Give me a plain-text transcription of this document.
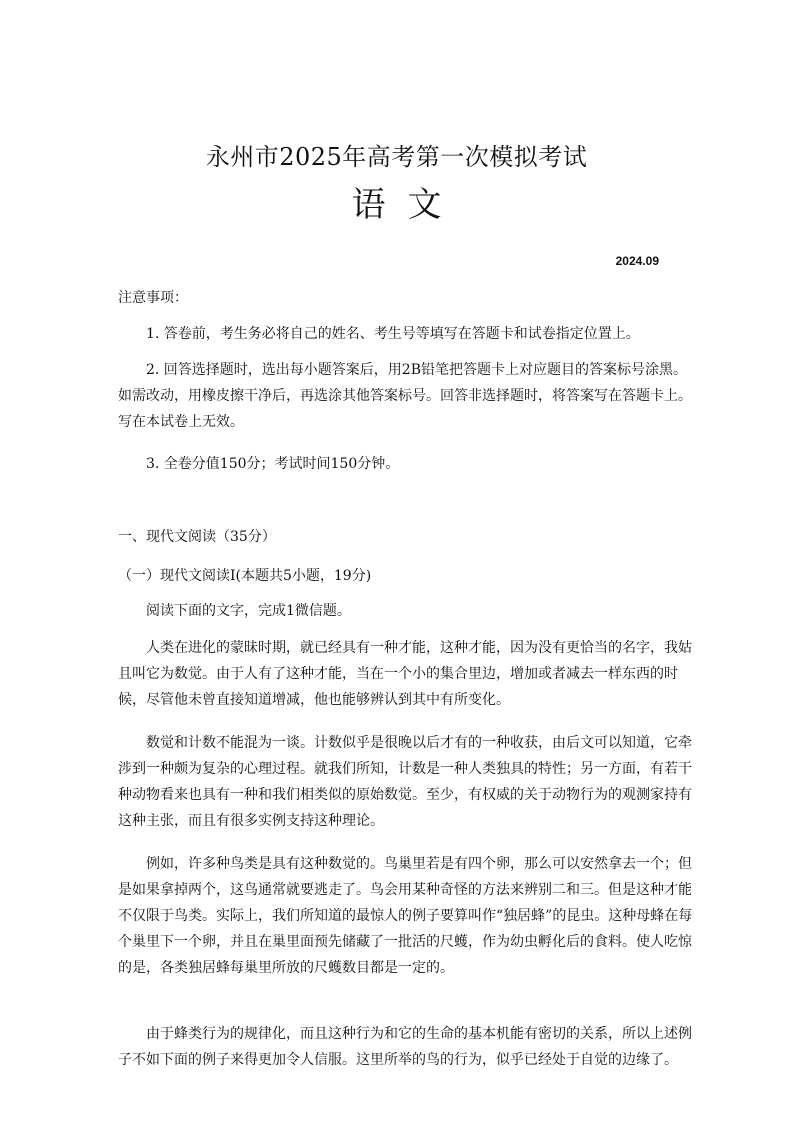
永州市2025年高考第一次模拟考试
语文
2024.09

注意事项：

1. 答卷前，考生务必将自己的姓名、考生号等填写在答题卡和试卷指定位置上。

2. 回答选择题时，选出每小题答案后，用2B铅笔把答题卡上对应题目的答案标号涂黑。如需改动，用橡皮擦干净后，再选涂其他答案标号。回答非选择题时，将答案写在答题卡上。写在本试卷上无效。

3. 全卷分值150分；考试时间150分钟。

一、现代文阅读（35分）

（一）现代文阅读Ⅰ(本题共5小题，19分)

阅读下面的文字，完成1微信题。

人类在进化的蒙昧时期，就已经具有一种才能，这种才能，因为没有更恰当的名字，我姑且叫它为数觉。由于人有了这种才能，当在一个小的集合里边，增加或者减去一样东西的时候，尽管他未曾直接知道增减，他也能够辨认到其中有所变化。

数觉和计数不能混为一谈。计数似乎是很晚以后才有的一种收获，由后文可以知道，它牵涉到一种颇为复杂的心理过程。就我们所知，计数是一种人类独具的特性；另一方面，有若干种动物看来也具有一种和我们相类似的原始数觉。至少，有权威的关于动物行为的观测家持有这种主张，而且有很多实例支持这种理论。

例如，许多种鸟类是具有这种数觉的。鸟巢里若是有四个卵，那么可以安然拿去一个；但是如果拿掉两个，这鸟通常就要逃走了。鸟会用某种奇怪的方法来辨别二和三。但是这种才能不仅限于鸟类。实际上，我们所知道的最惊人的例子要算叫作“独居蜂”的昆虫。这种母蜂在每个巢里下一个卵，并且在巢里面预先储藏了一批活的尺蠖，作为幼虫孵化后的食料。使人吃惊的是，各类独居蜂每巢里所放的尺蠖数目都是一定的。

由于蜂类行为的规律化，而且这种行为和它的生命的基本机能有密切的关系，所以上述例子不如下面的例子来得更加令人信服。这里所举的鸟的行为，似乎已经处于自觉的边缘了。
